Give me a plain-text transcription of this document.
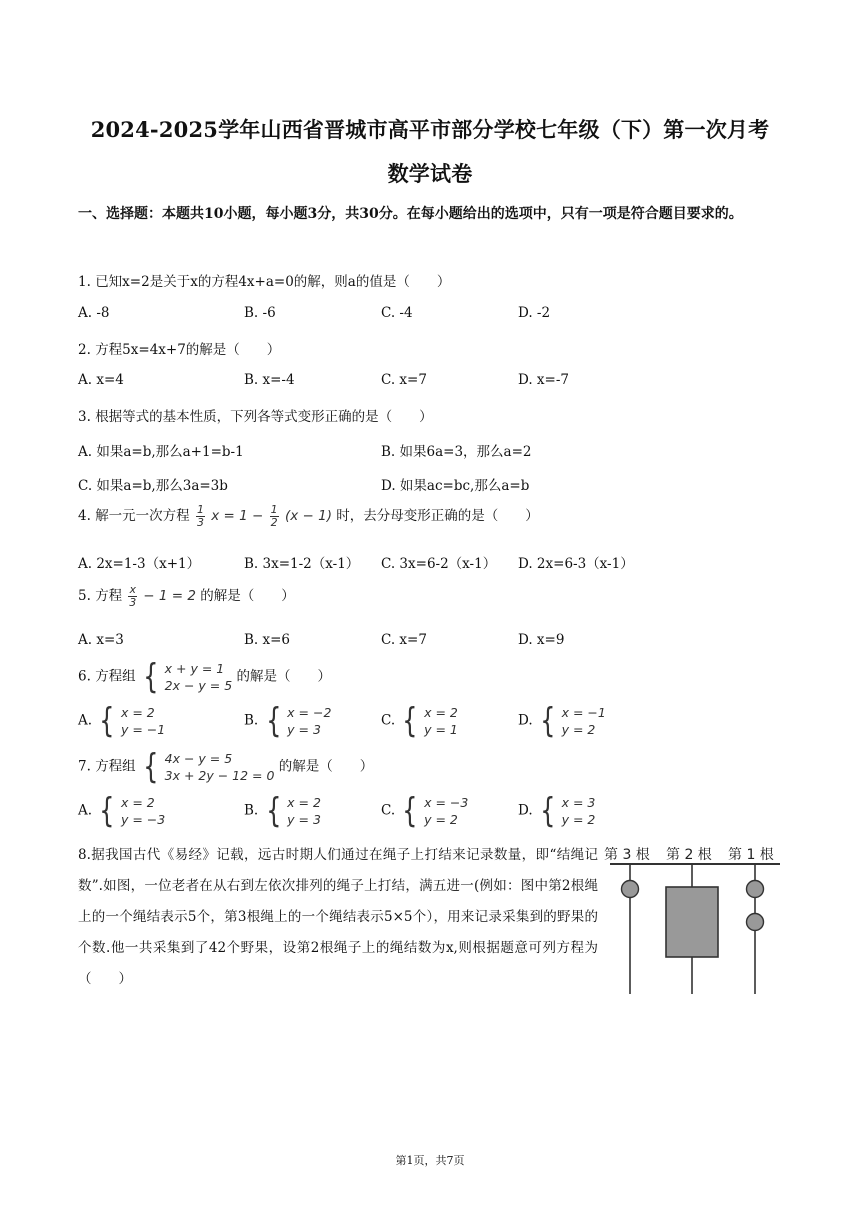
2024-2025学年山西省晋城市高平市部分学校七年级（下）第一次月考
数学试卷
一、选择题：本题共10小题，每小题3分，共30分。在每小题给出的选项中，只有一项是符合题目要求的。
1. 已知x=2是关于x的方程4x+a=0的解，则a的值是（　　）
A. -8	B. -6	C. -4	D. -2
2. 方程5x=4x+7的解是（　　）
A. x=4	B. x=-4	C. x=7	D. x=-7
3. 根据等式的基本性质，下列各等式变形正确的是（　　）
A. 如果a=b,那么a+1=b-1	B. 如果6a=3，那么a=2
C. 如果a=b,那么3a=3b	D. 如果ac=bc,那么a=b
4. 解一元一次方程 $\frac{1}{3}$ $x = 1 - \frac{1}{2} (x - 1)$ 时，去分母变形正确的是（　　）
A. 2x=1-3（x+1）	B. 3x=1-2（x-1） C. 3x=6-2（x-1） D. 2x=6-3（x-1）
5. 方程 $\frac{x}{3} - 1 = 2$ 的解是（　　）
A. x=3	B. x=6	C. x=7	D. x=9
6. 方程组 { x + y = 1
2x − y = 5
的解是（　　）
A. { x = 2
y = −1
B. { x = −2
y = 3
C. { x = 2
y = 1
D. { x = −1
y = 2
7. 方程组 { 4x − y = 5
3x + 2y − 12 = 0
的解是（　　）
A. { x = 2
y = −3
B. { x = 2
y = 3
C. { x = −3
y = 2
D. { x = 3
y = 2
8.据我国古代《易经》记载，远古时期人们通过在绳子上打结来记录数量，即“结绳记数”.如图，一位老者在从右到左依次排列的绳子上打结，满五进一(例如：图中第2根绳上的一个绳结表示5个，第3根绳上的一个绳结表示5×5个），用来记录采集到的野果的个数.他一共采集到了42个野果，设第2根绳子上的绳结数为x,则根据题意可列方程为（　　）
第 3 根 第 2 根 第 1 根
第1页，共7页
